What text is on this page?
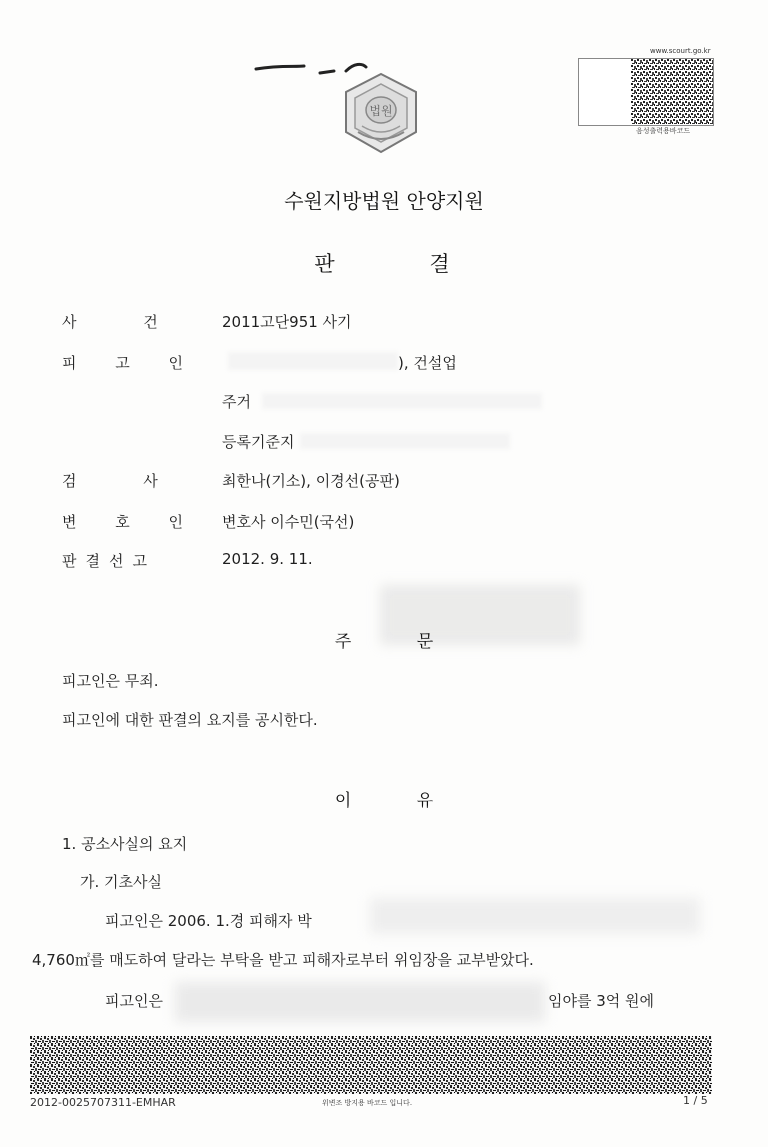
법원
www.scourt.go.kr
음성출력용바코드
수원지방법원 안양지원
판 결
사 건	2011고단951 사기
피 고 인	), 건설업
주거
등록기준지
검 사	최한나(기소), 이경선(공판)
변 호 인	변호사 이수민(국선)
판결선고	2012. 9. 11.
주 문
피고인은 무죄.
피고인에 대한 판결의 요지를 공시한다.
이 유
1. 공소사실의 요지
가. 기초사실
피고인은 2006. 1.경 피해자 박
4,760㎡를 매도하여 달라는 부탁을 받고 피해자로부터 위임장을 교부받았다.
피고인은	임야를 3억 원에
2012-0025707311-EMHAR	위변조 방지용 바코드 입니다.	1 / 5
